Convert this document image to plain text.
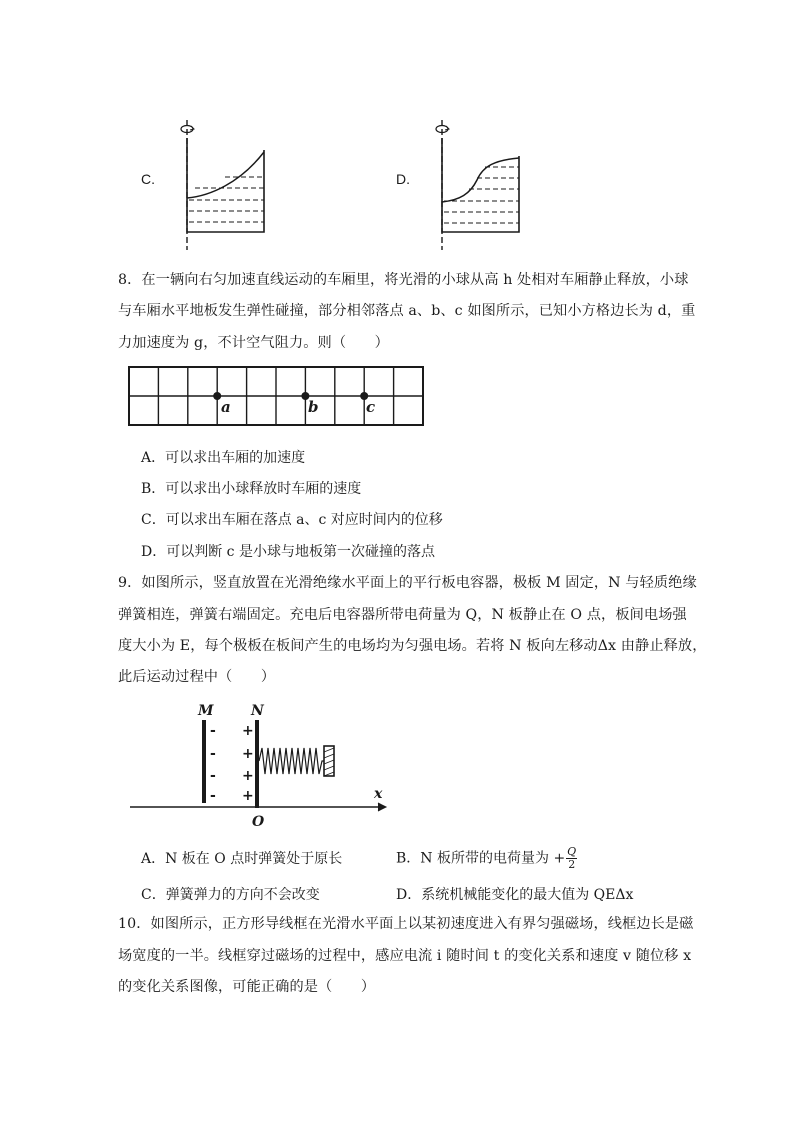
C.	D.
8．在一辆向右匀加速直线运动的车厢里，将光滑的小球从高 h 处相对车厢静止释放，小球
与车厢水平地板发生弹性碰撞，部分相邻落点 a、b、c 如图所示，已知小方格边长为 d，重
力加速度为 g，不计空气阻力。则（　　）
a	b	c
A．可以求出车厢的加速度
B．可以求出小球释放时车厢的速度
C．可以求出车厢在落点 a、c 对应时间内的位移
D．可以判断 c 是小球与地板第一次碰撞的落点
9．如图所示，竖直放置在光滑绝缘水平面上的平行板电容器，极板 M 固定，N 与轻质绝缘
弹簧相连，弹簧右端固定。充电后电容器所带电荷量为 Q，N 板静止在 O 点，板间电场强
度大小为 E，每个极板在板间产生的电场均为匀强电场。若将 N 板向左移动Δx 由静止释放，
此后运动过程中（　　）
x
M
-
-
-
-
N
+
+
+
+
O
A．N 板在 O 点时弹簧处于原长	B．N 板所带的电荷量为 + $\frac{Q}{2}$
C．弹簧弹力的方向不会改变	D．系统机械能变化的最大值为 QEΔx
10．如图所示，正方形导线框在光滑水平面上以某初速度进入有界匀强磁场，线框边长是磁
场宽度的一半。线框穿过磁场的过程中，感应电流 i 随时间 t 的变化关系和速度 v 随位移 x
的变化关系图像，可能正确的是（　　）
